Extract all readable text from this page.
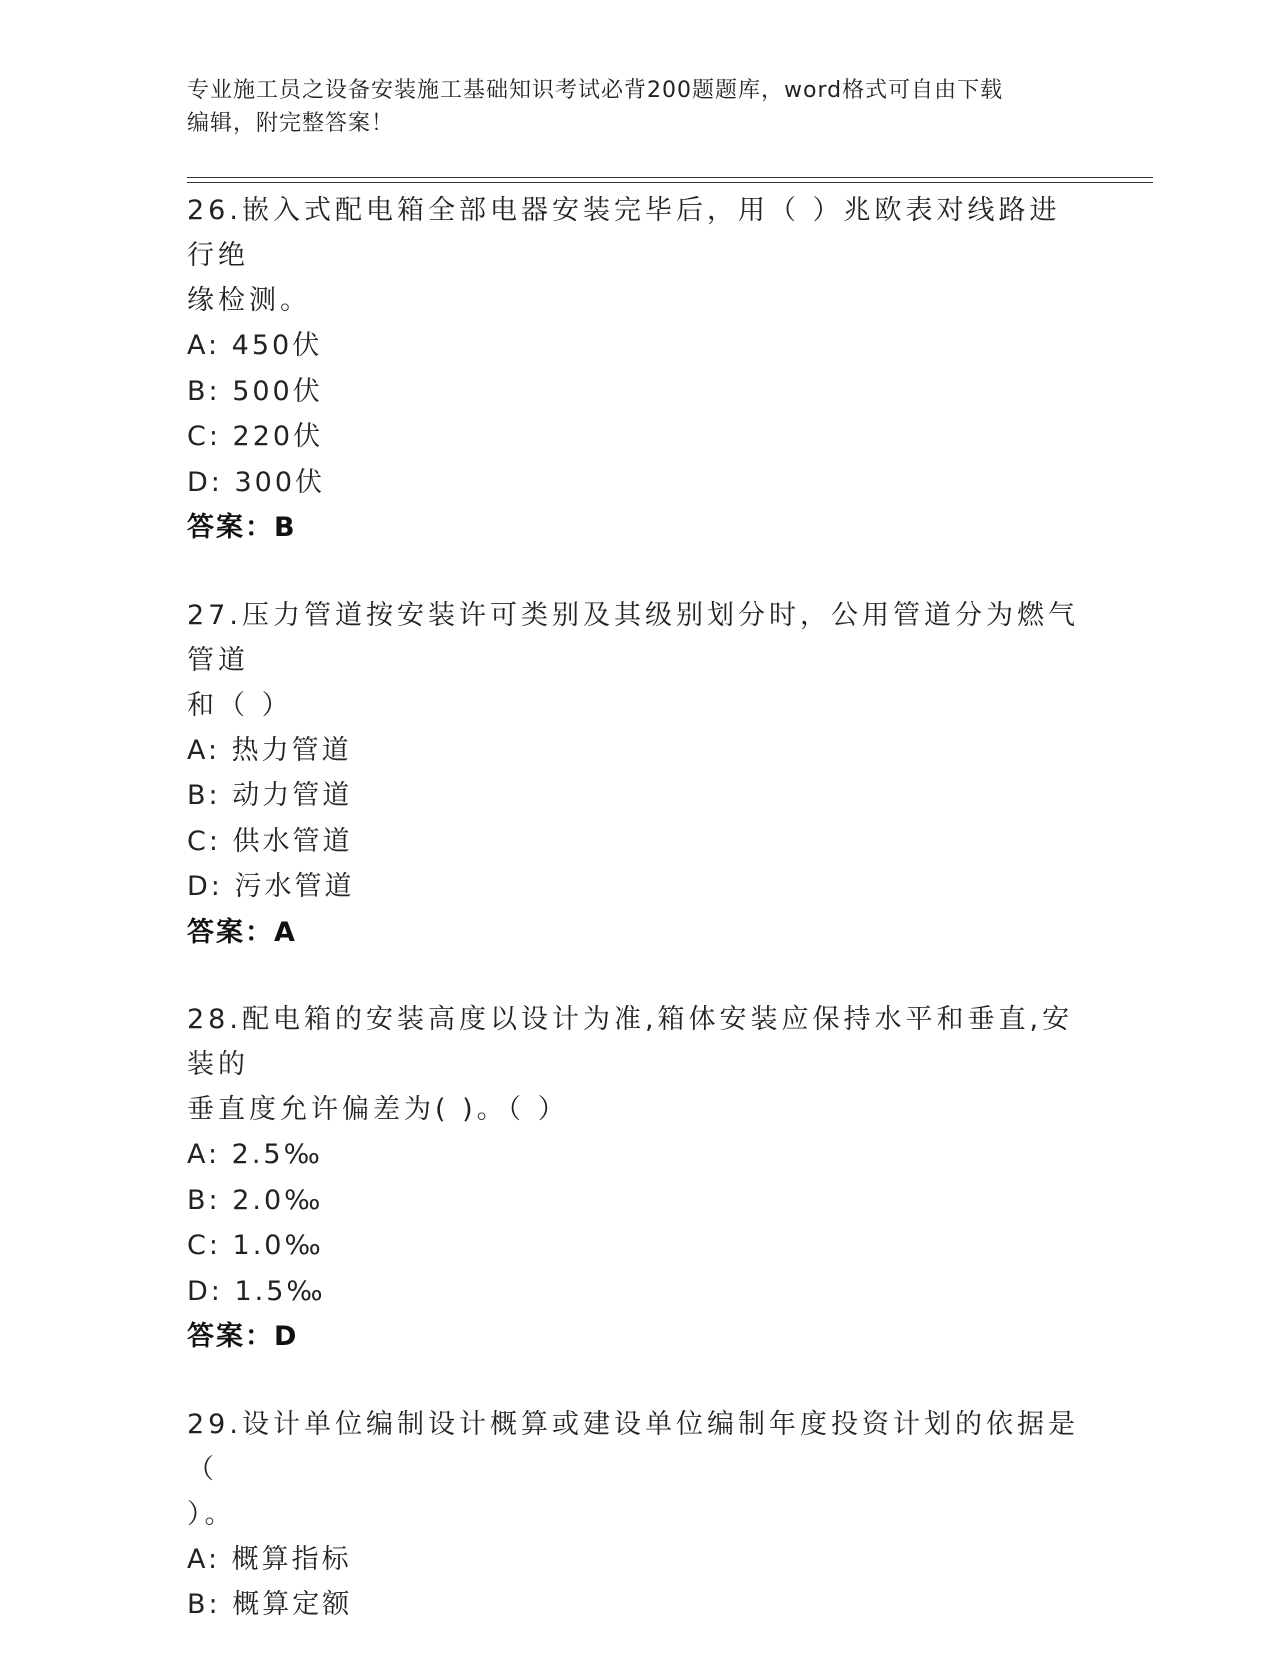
专业施工员之设备安装施工基础知识考试必背200题题库，word格式可自由下载
编辑，附完整答案！
26.嵌入式配电箱全部电器安装完毕后，用（ ）兆欧表对线路进行绝
缘检测。
A: 450伏
B: 500伏
C: 220伏
D: 300伏
答案：B
27.压力管道按安装许可类别及其级别划分时，公用管道分为燃气管道
和（ ）
A: 热力管道
B: 动力管道
C: 供水管道
D: 污水管道
答案：A
28.配电箱的安装高度以设计为准,箱体安装应保持水平和垂直,安装的
垂直度允许偏差为( )。（ ）
A: 2.5‰
B: 2.0‰
C: 1.0‰
D: 1.5‰
答案：D
29.设计单位编制设计概算或建设单位编制年度投资计划的依据是（
）。
A: 概算指标
B: 概算定额
